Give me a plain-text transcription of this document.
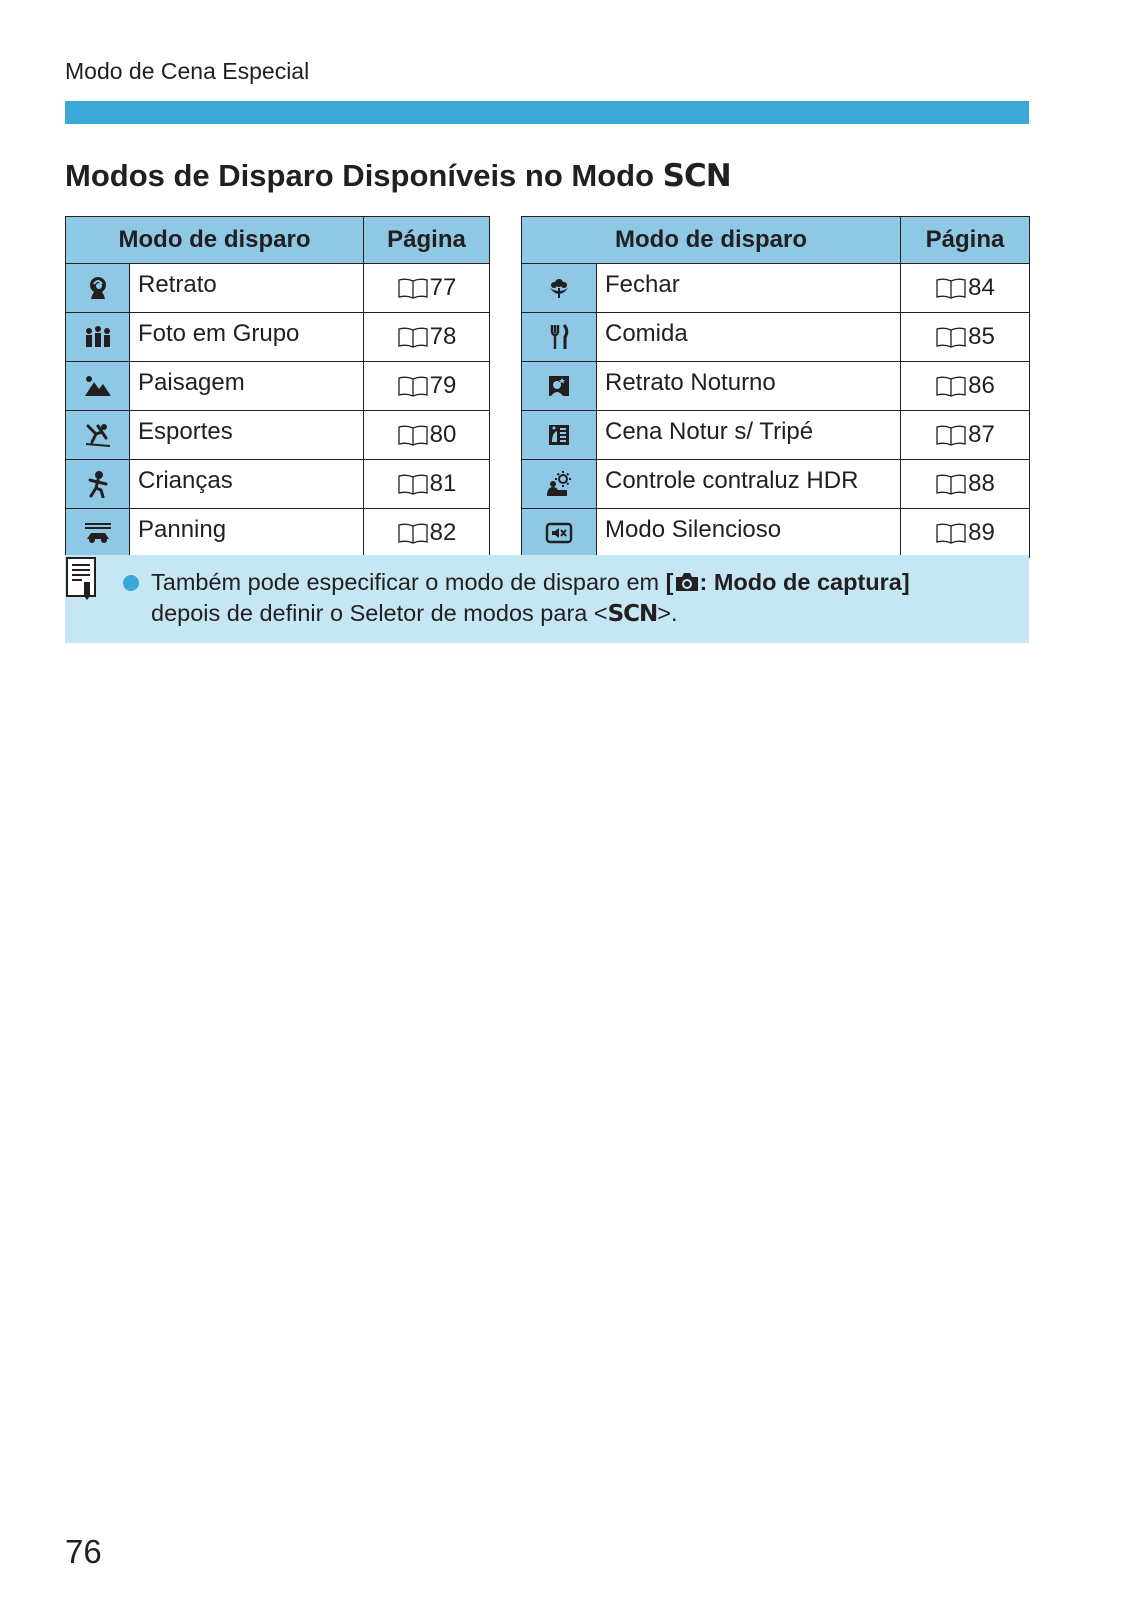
Modo de Cena Especial
Modos de Disparo Disponíveis no Modo SCN
Modo de disparo		Página

	Retrato	77

	Foto em Grupo	78

	Paisagem	79

	Esportes	80

	Crianças	81

	Panning	82
Modo de disparo		Página

	Fechar	84

	Comida	85

	Retrato Noturno	86

	Cena Notur s/ Tripé	87

	Controle contraluz HDR	88

	Modo Silencioso	89
Também pode especificar o modo de disparo em [ : Modo de captura]
depois de definir o Seletor de modos para <SCN>.
76
